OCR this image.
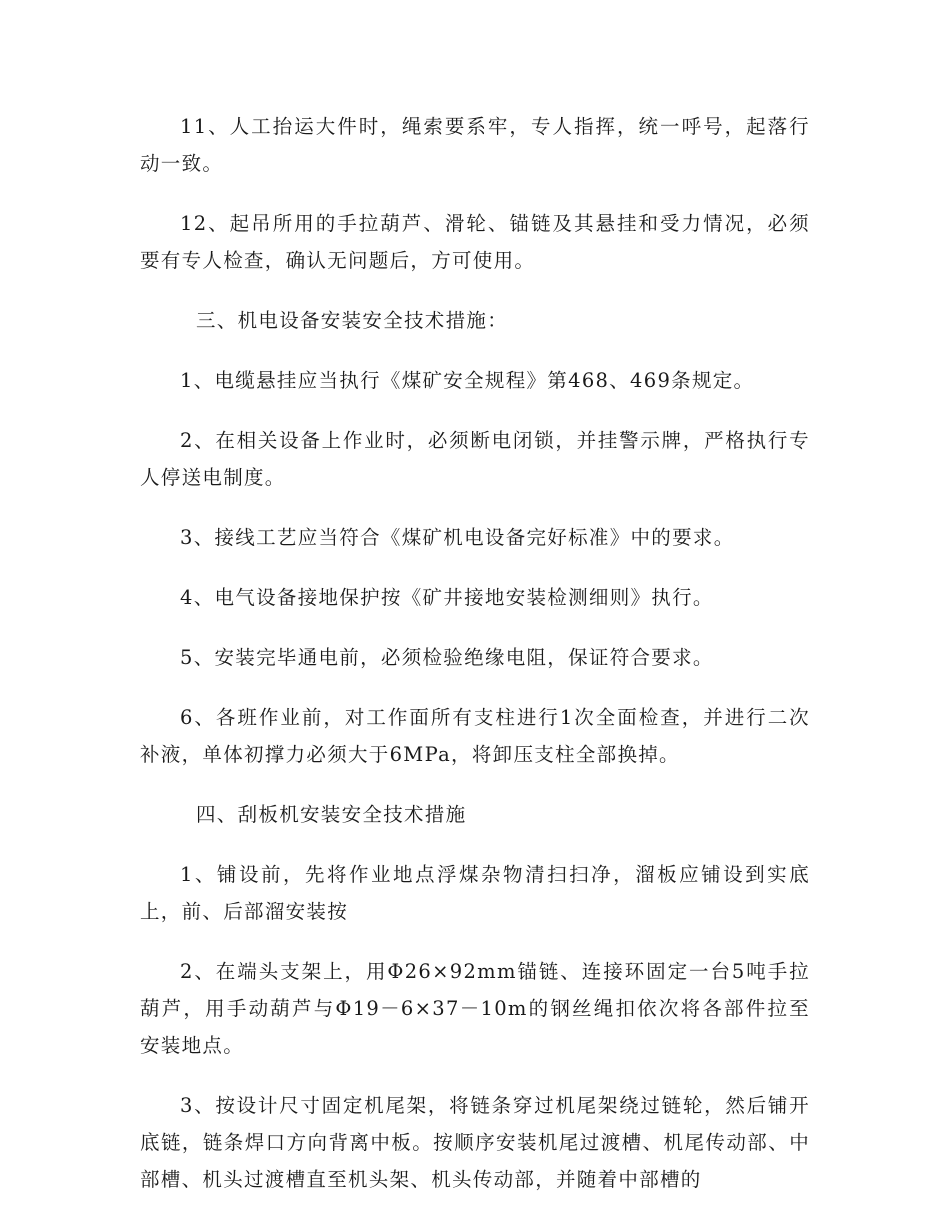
11、人工抬运大件时，绳索要系牢，专人指挥，统一呼号，起落行动一致。

12、起吊所用的手拉葫芦、滑轮、锚链及其悬挂和受力情况，必须要有专人检查，确认无问题后，方可使用。

三、机电设备安装安全技术措施：

1、电缆悬挂应当执行《煤矿安全规程》第468、469条规定。

2、在相关设备上作业时，必须断电闭锁，并挂警示牌，严格执行专人停送电制度。

3、接线工艺应当符合《煤矿机电设备完好标准》中的要求。

4、电气设备接地保护按《矿井接地安装检测细则》执行。

5、安装完毕通电前，必须检验绝缘电阻，保证符合要求。

6、各班作业前，对工作面所有支柱进行1次全面检查，并进行二次补液，单体初撑力必须大于6MPa，将卸压支柱全部换掉。

四、刮板机安装安全技术措施

1、铺设前，先将作业地点浮煤杂物清扫扫净，溜板应铺设到实底上，前、后部溜安装按

2、在端头支架上，用Φ26×92mm锚链、连接环固定一台5吨手拉葫芦，用手动葫芦与Φ19－6×37－10m的钢丝绳扣依次将各部件拉至安装地点。

3、按设计尺寸固定机尾架，将链条穿过机尾架绕过链轮，然后铺开底链，链条焊口方向背离中板。按顺序安装机尾过渡槽、机尾传动部、中部槽、机头过渡槽直至机头架、机头传动部，并随着中部槽的
